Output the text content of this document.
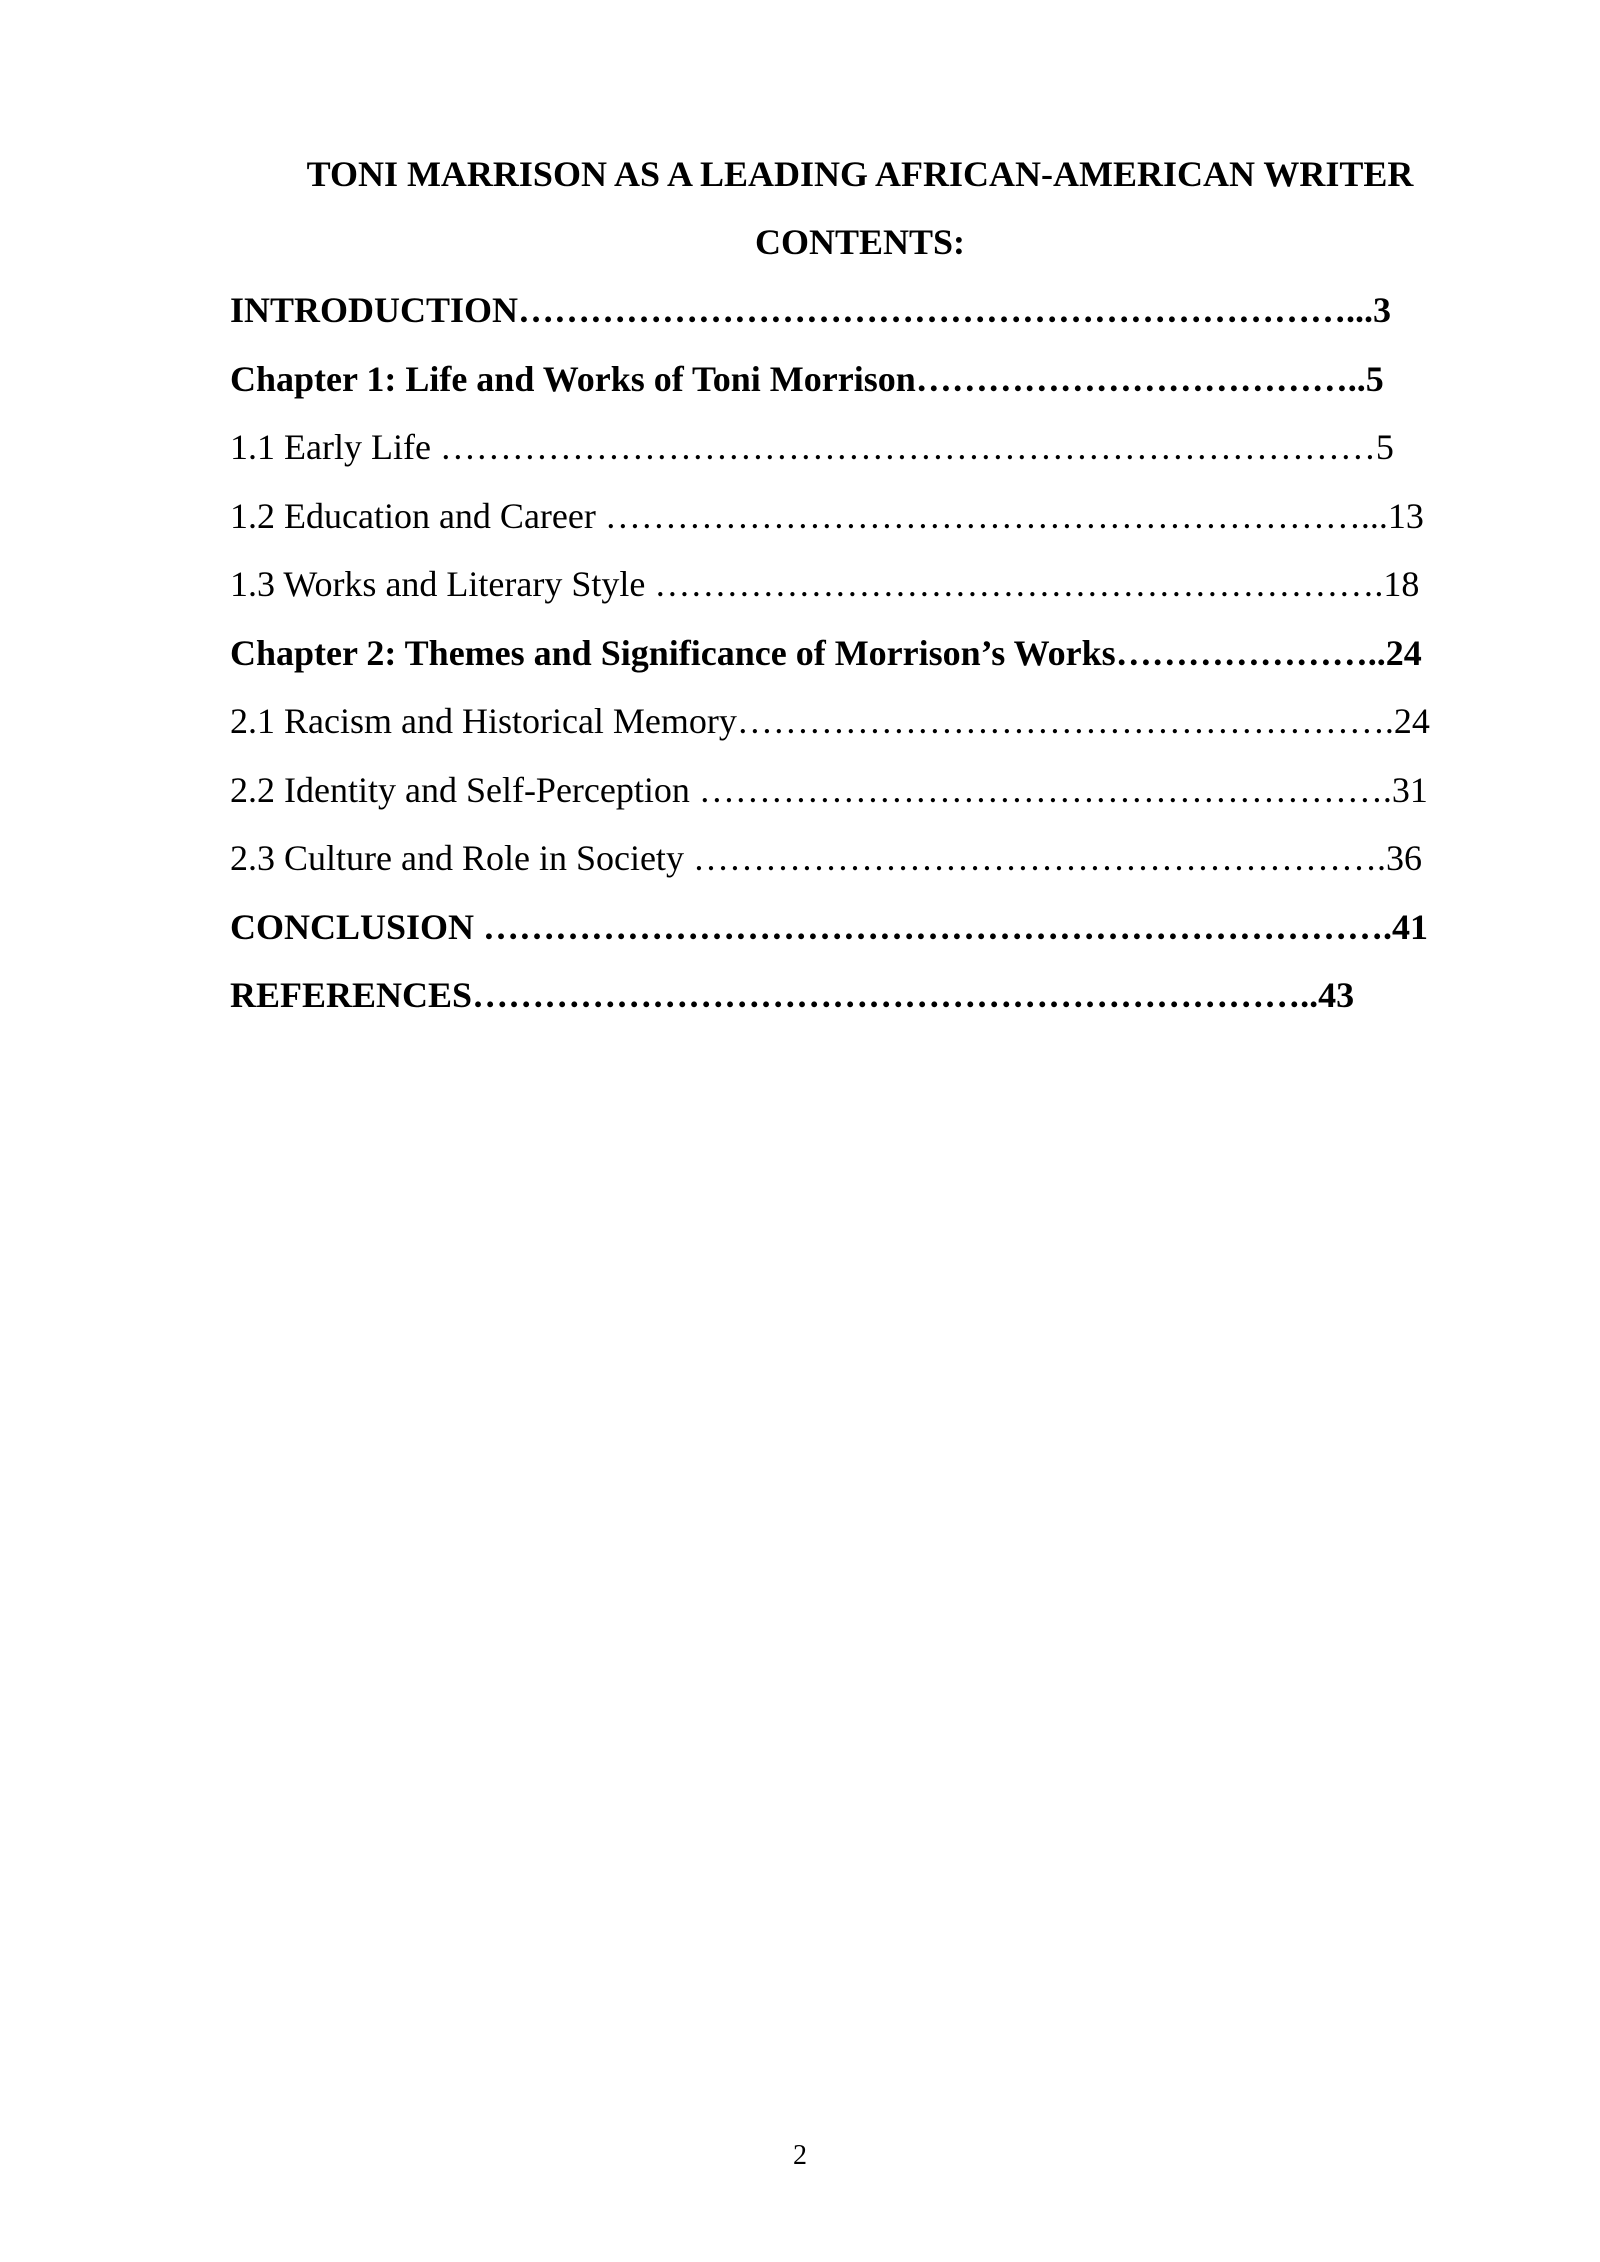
TONI MARRISON AS A LEADING AFRICAN-AMERICAN WRITER
CONTENTS:
INTRODUCTION……………………………………………………………...3
Chapter 1: Life and Works of Toni Morrison………………………………..5
1.1 Early Life ……………………………………………………………………5
1.2 Education and Career ………………………………………………………...13
1.3 Works and Literary Style …………………………………………………….18
Chapter 2: Themes and Significance of Morrison’s Works…………………..24
2.1 Racism and Historical Memory……………………………………………….24
2.2 Identity and Self-Perception ………………………………………………….31
2.3 Culture and Role in Society ………………………………………………….36
CONCLUSION ………………………………………………………………….41
REFERENCES……………………………………………………………..43
2
